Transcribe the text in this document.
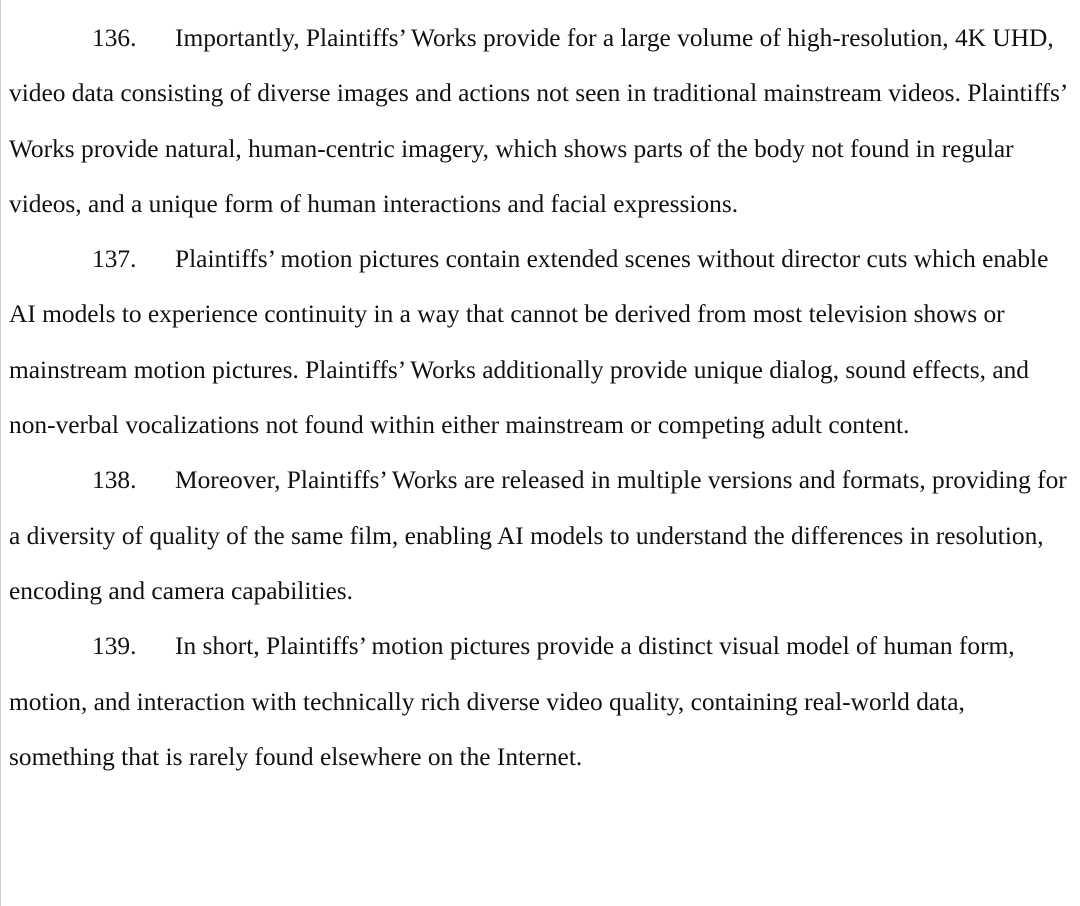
136. Importantly, Plaintiffs’ Works provide for a large volume of high-resolution, 4K UHD, video data consisting of diverse images and actions not seen in traditional mainstream videos. Plaintiffs’ Works provide natural, human-centric imagery, which shows parts of the body not found in regular videos, and a unique form of human interactions and facial expressions.

137. Plaintiffs’ motion pictures contain extended scenes without director cuts which enable AI models to experience continuity in a way that cannot be derived from most television shows or mainstream motion pictures. Plaintiffs’ Works additionally provide unique dialog, sound effects, and non-verbal vocalizations not found within either mainstream or competing adult content.

138. Moreover, Plaintiffs’ Works are released in multiple versions and formats, providing for a diversity of quality of the same film, enabling AI models to understand the differences in resolution, encoding and camera capabilities.

139. In short, Plaintiffs’ motion pictures provide a distinct visual model of human form, motion, and interaction with technically rich diverse video quality, containing real-world data, something that is rarely found elsewhere on the Internet.
